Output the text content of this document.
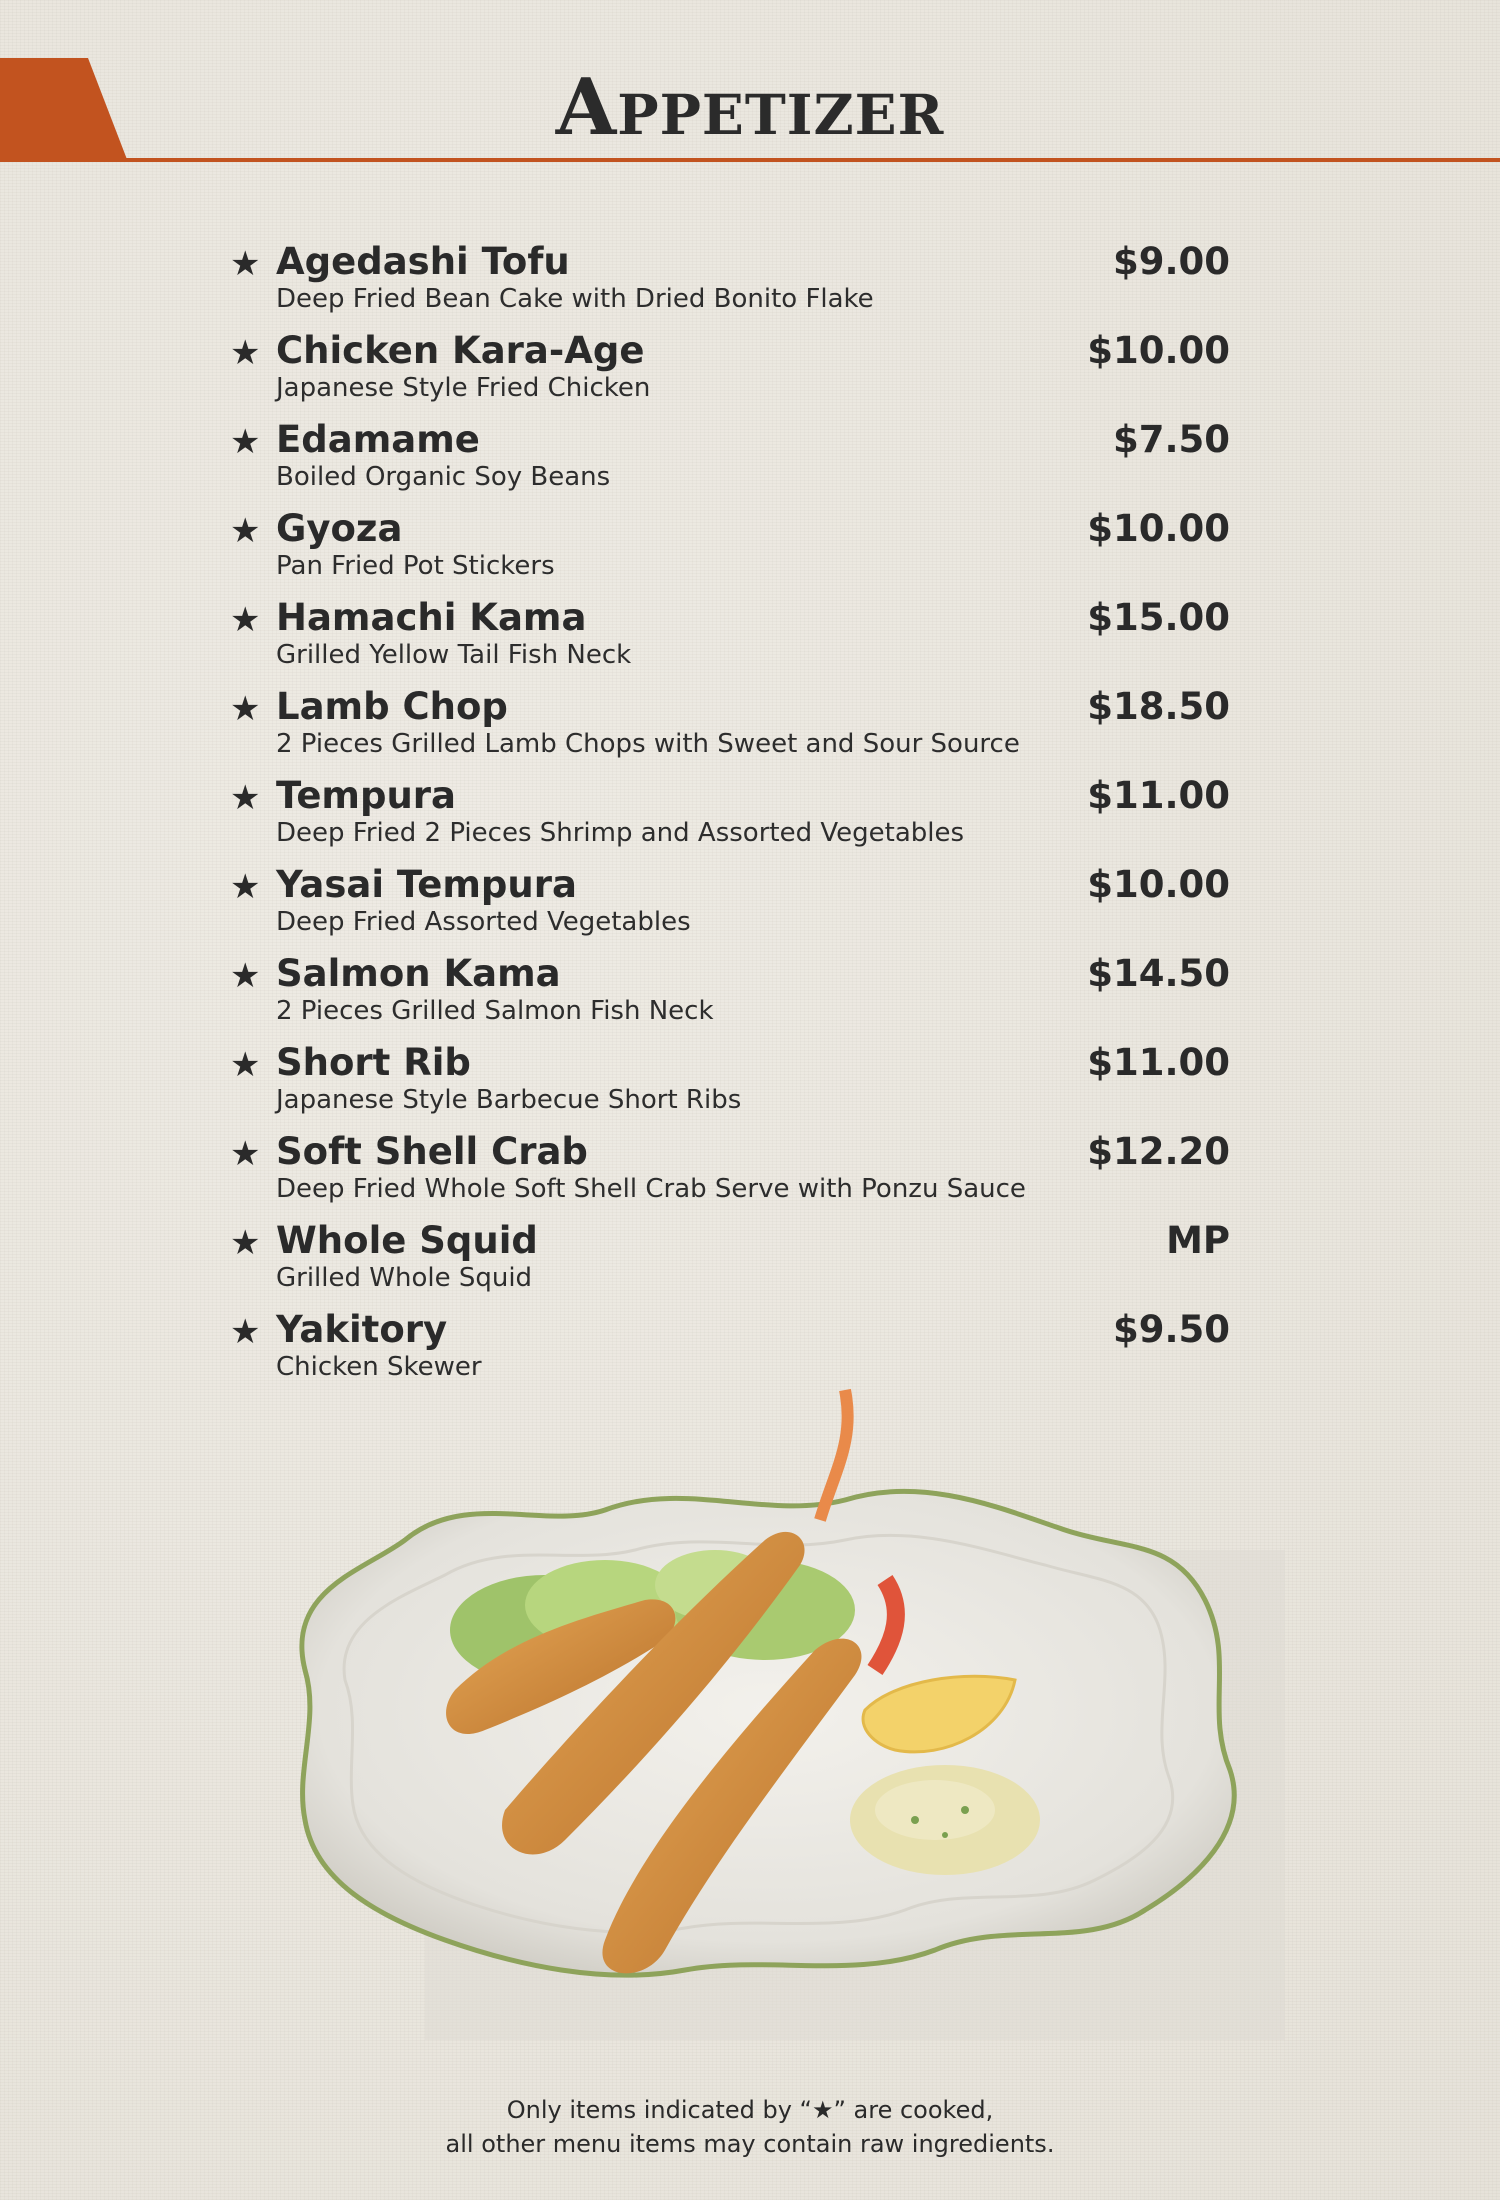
Appetizer
★ Agedashi Tofu
Deep Fried Bean Cake with Dried Bonito Flake
$9.00
★ Chicken Kara-Age
Japanese Style Fried Chicken
$10.00
★ Edamame
Boiled Organic Soy Beans
$7.50
★ Gyoza
Pan Fried Pot Stickers
$10.00
★ Hamachi Kama
Grilled Yellow Tail Fish Neck
$15.00
★ Lamb Chop
2 Pieces Grilled Lamb Chops with Sweet and Sour Source
$18.50
★ Tempura
Deep Fried 2 Pieces Shrimp and Assorted Vegetables
$11.00
★ Yasai Tempura
Deep Fried Assorted Vegetables
$10.00
★ Salmon Kama
2 Pieces Grilled Salmon Fish Neck
$14.50
★ Short Rib
Japanese Style Barbecue Short Ribs
$11.00
★ Soft Shell Crab
Deep Fried Whole Soft Shell Crab Serve with Ponzu Sauce
$12.20
★ Whole Squid
Grilled Whole Squid
MP
★ Yakitory
Chicken Skewer
$9.50
Only items indicated by “★” are cooked,
all other menu items may contain raw ingredients.
